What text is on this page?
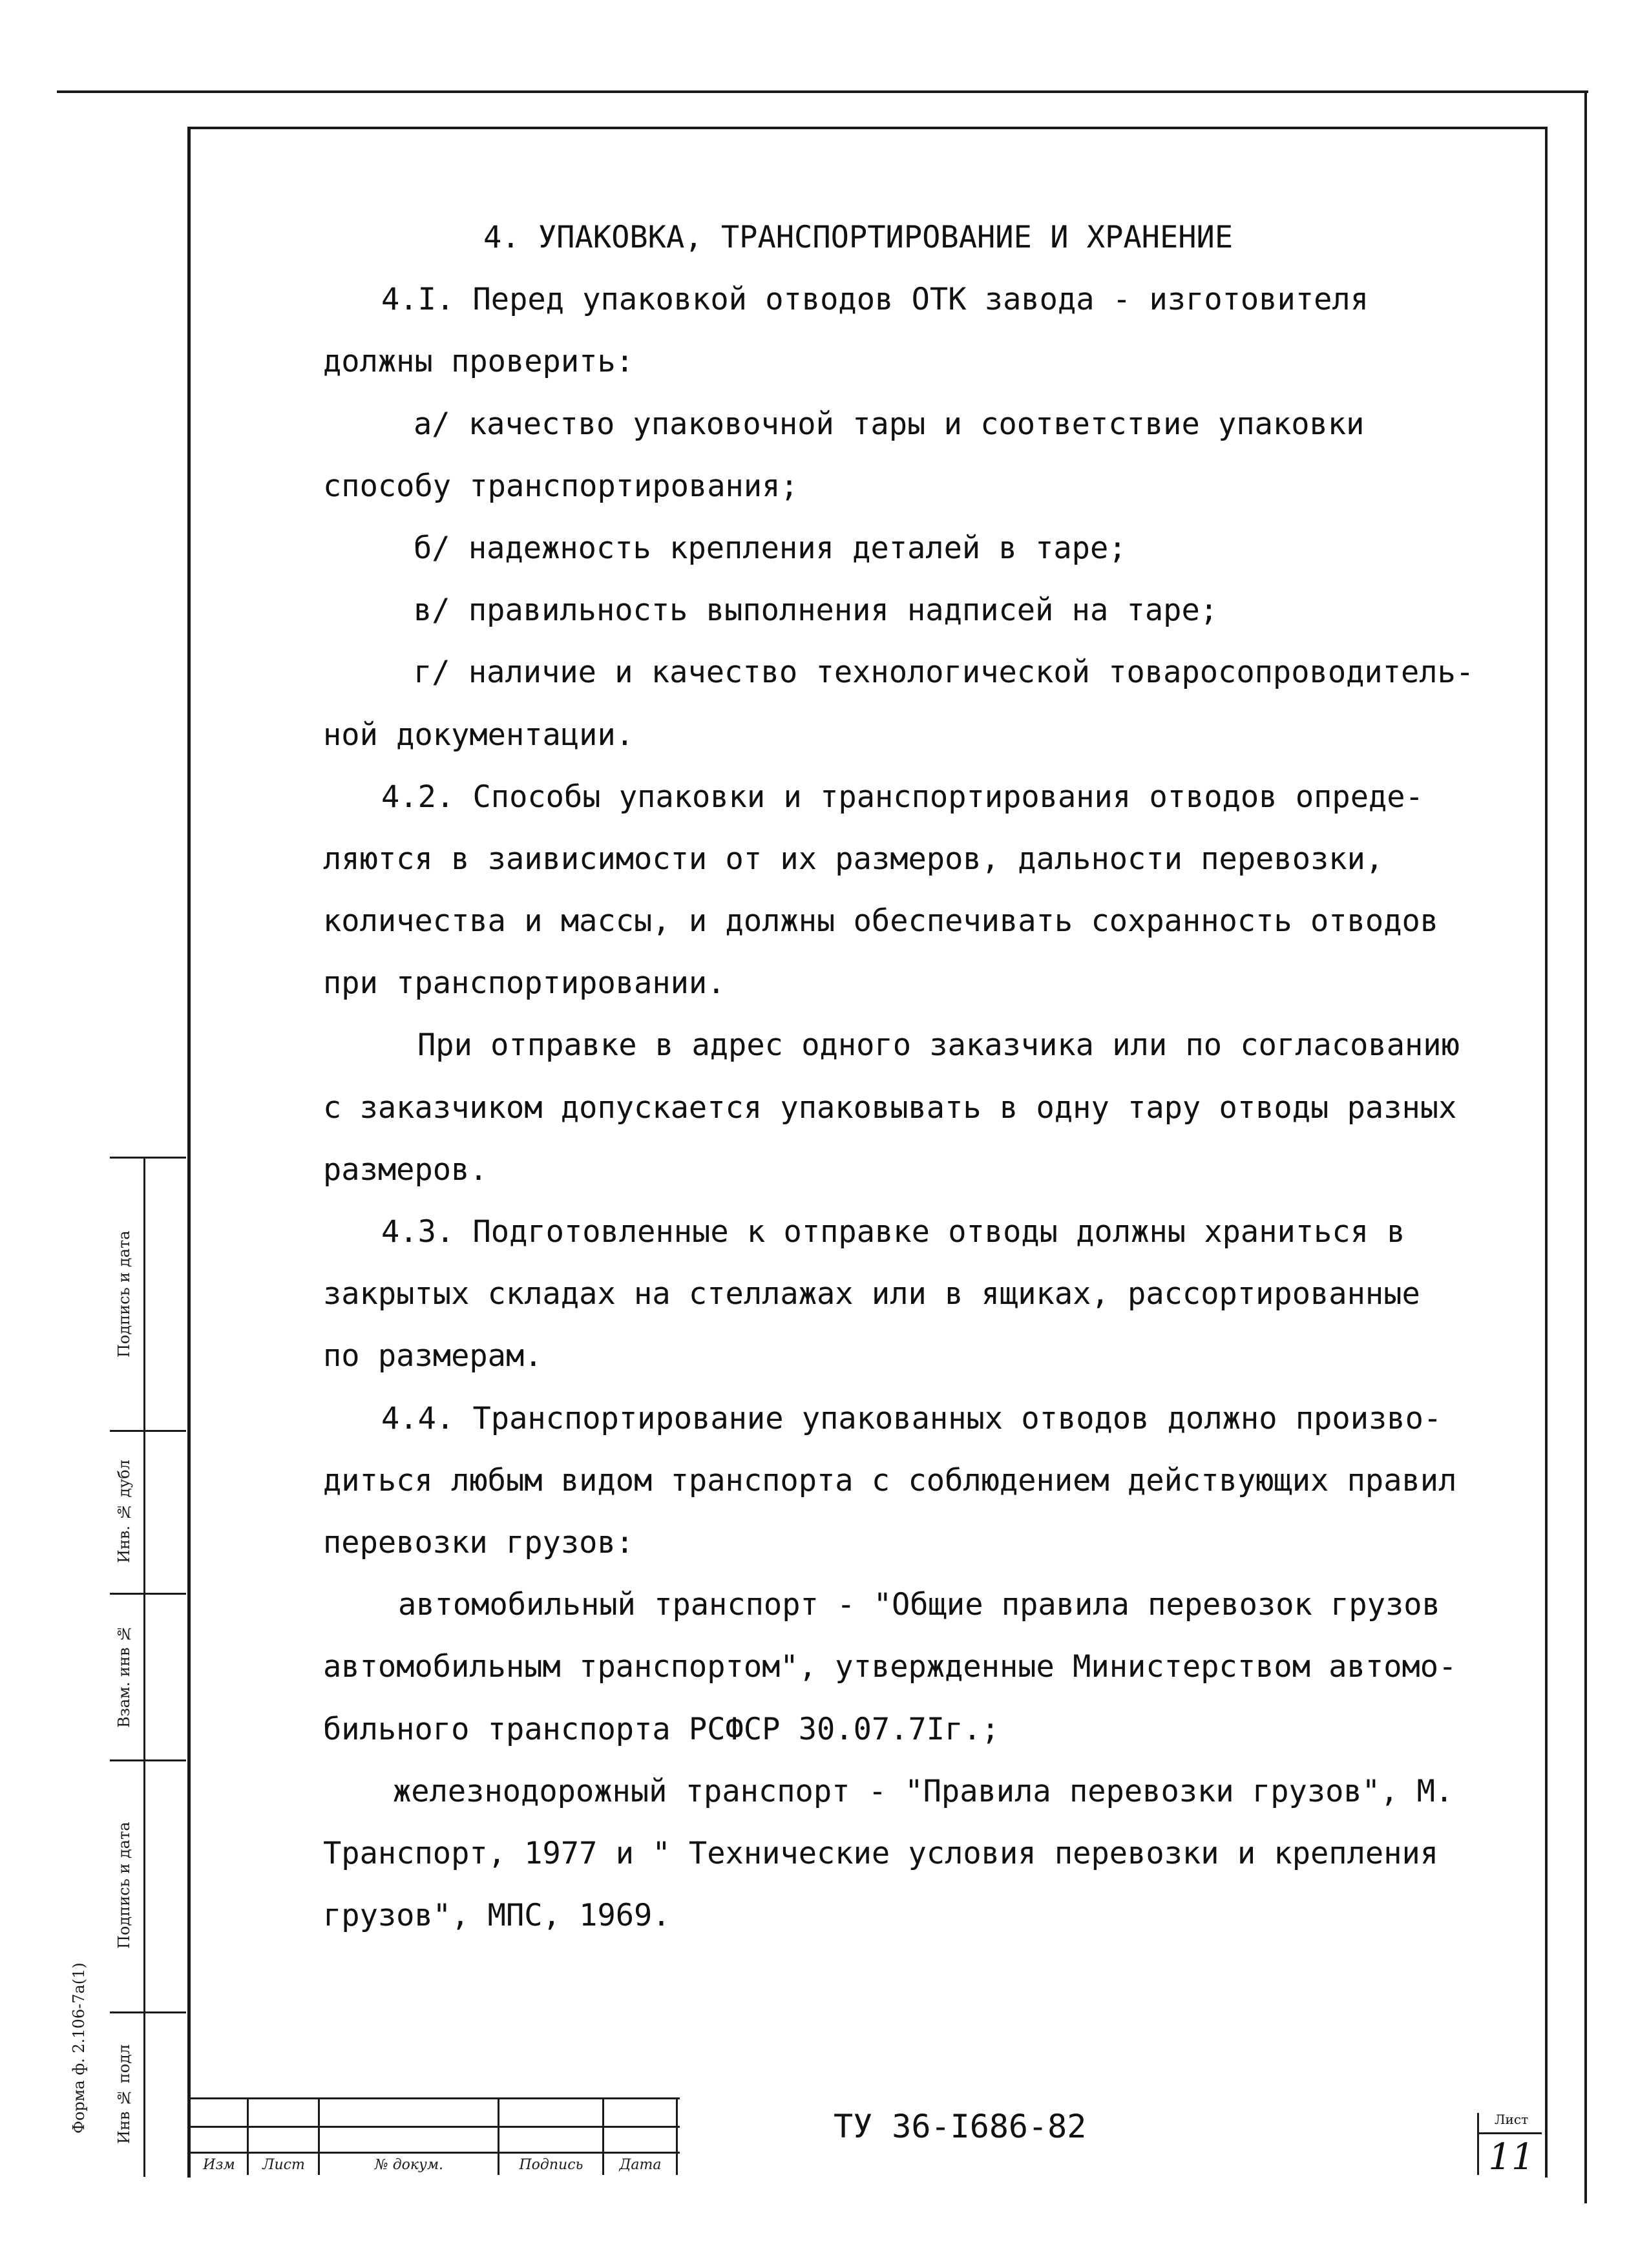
4. УПАКОВКА, ТРАНСПОРТИРОВАНИЕ И ХРАНЕНИЕ
4.I. Перед упаковкой отводов ОТК завода - изготовителя
должны проверить:
а/ качество упаковочной тары и соответствие упаковки
способу транспортирования;
б/ надежность крепления деталей в таре;
в/ правильность выполнения надписей на таре;
г/ наличие и качество технологической товаросопроводитель-
ной документации.
4.2. Способы упаковки и транспортирования отводов опреде-
ляются в заивисимости от их размеров, дальности перевозки,
количества и массы, и должны обеспечивать сохранность отводов
при транспортировании.
При отправке в адрес одного заказчика или по согласованию
с заказчиком допускается упаковывать в одну тару отводы разных
размеров.
4.3. Подготовленные к отправке отводы должны храниться в
закрытых складах на стеллажах или в ящиках, рассортированные
по размерам.
4.4. Транспортирование упакованных отводов должно произво-
диться любым видом транспорта с соблюдением действующих правил
перевозки грузов:
автомобильный транспорт - "Общие правила перевозок грузов
автомобильным транспортом", утвержденные Министерством автомо-
бильного транспорта РСФСР 30.07.7Iг.;
железнодорожный транспорт - "Правила перевозки грузов", М.
Транспорт, 1977 и " Технические условия перевозки и крепления
грузов", МПС, 1969.
Подпись и дата
Инв. № дубл
Взам. инв №
Подпись и дата
Инв № подл
Форма ф. 2.106-7а(1)
Изм	Лист	№ докум.	Подпись	Дата
ТУ 36-I686-82	Лист
11
